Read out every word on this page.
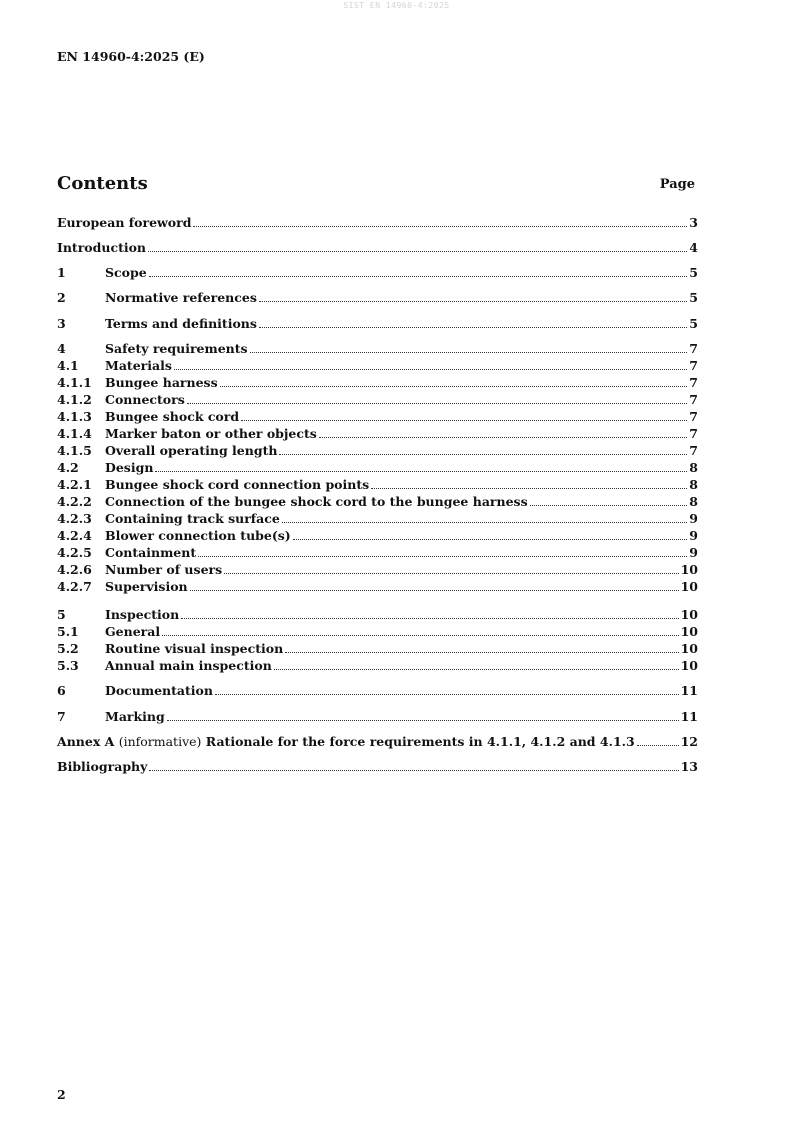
SIST EN 14960-4:2025
EN 14960-4:2025 (E)
Contents	Page
European foreword	3
Introduction	4
1	Scope	5
2	Normative references	5
3	Terms and definitions	5
4	Safety requirements	7
4.1	Materials	7
4.1.1	Bungee harness	7
4.1.2	Connectors	7
4.1.3	Bungee shock cord	7
4.1.4	Marker baton or other objects	7
4.1.5	Overall operating length	7
4.2	Design	8
4.2.1	Bungee shock cord connection points	8
4.2.2	Connection of the bungee shock cord to the bungee harness	8
4.2.3	Containing track surface	9
4.2.4	Blower connection tube(s)	9
4.2.5	Containment	9
4.2.6	Number of users	10
4.2.7	Supervision	10
5	Inspection	10
5.1	General	10
5.2	Routine visual inspection	10
5.3	Annual main inspection	10
6	Documentation	11
7	Marking	11
Annex A (informative) Rationale for the force requirements in 4.1.1, 4.1.2 and 4.1.3	12
Bibliography	13
2
